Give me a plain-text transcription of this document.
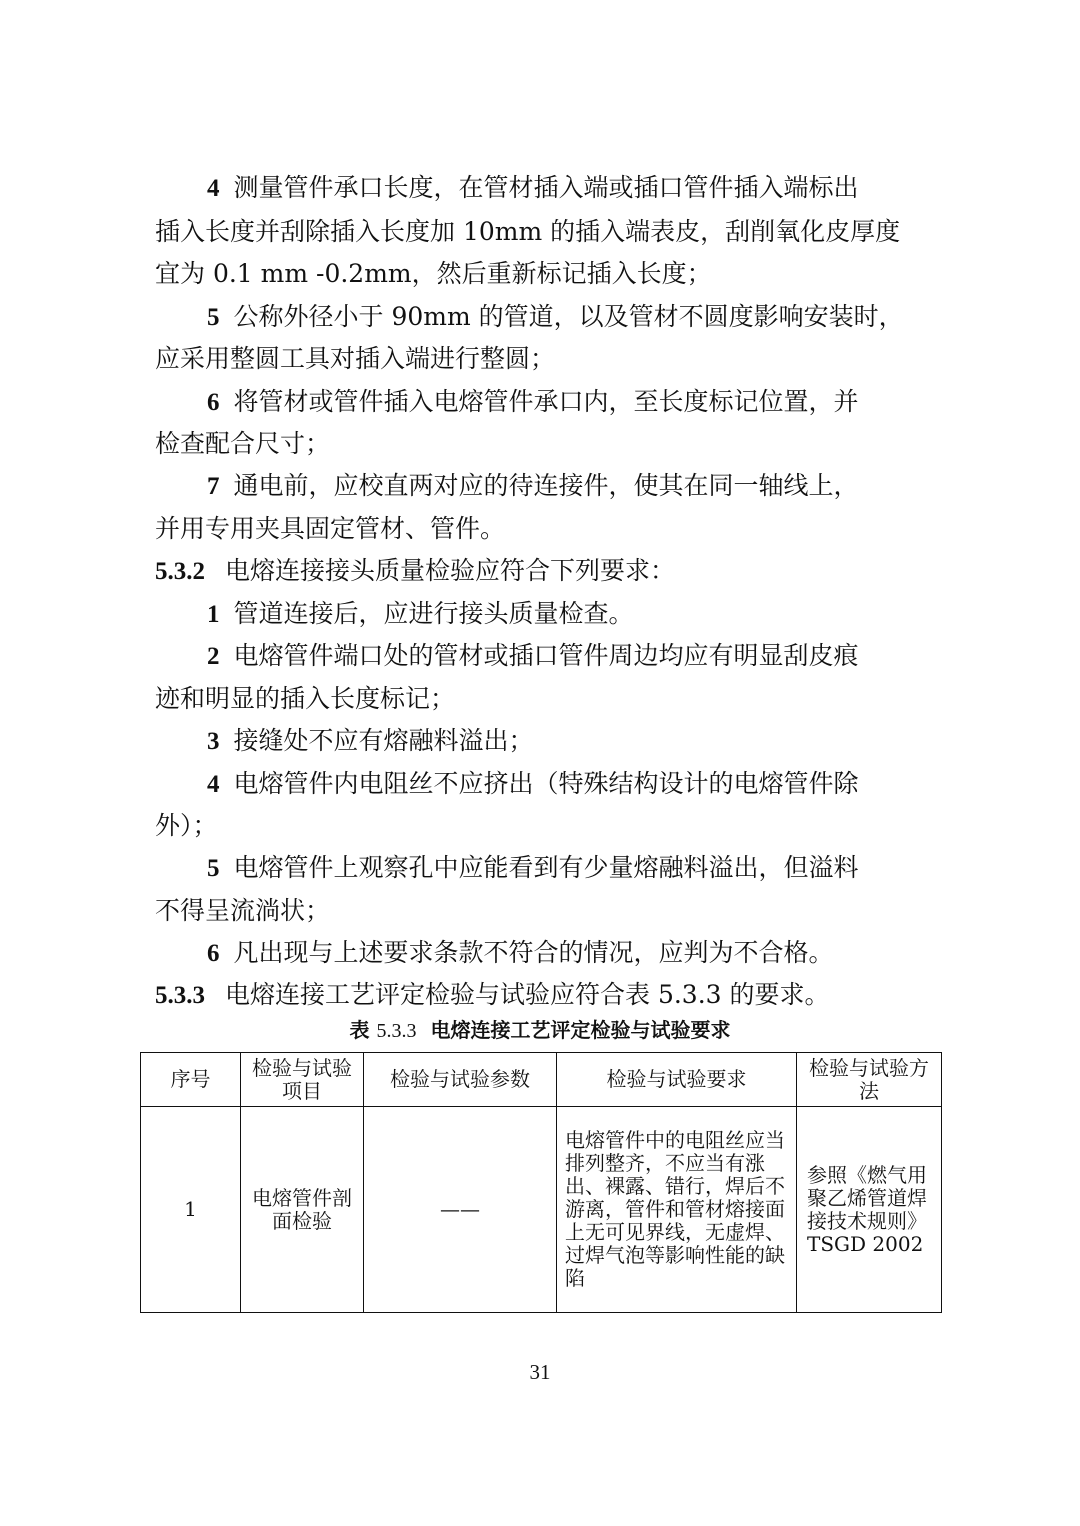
4 测量管件承口长度，在管材插入端或插口管件插入端标出
插入长度并刮除插入长度加 10mm 的插入端表皮，刮削氧化皮厚度
宜为 0.1 mm -0.2mm，然后重新标记插入长度；
5 公称外径小于 90mm 的管道，以及管材不圆度影响安装时，
应采用整圆工具对插入端进行整圆；
6 将管材或管件插入电熔管件承口内，至长度标记位置，并
检查配合尺寸；
7 通电前，应校直两对应的待连接件，使其在同一轴线上，
并用专用夹具固定管材、管件。
5.3.2 电熔连接接头质量检验应符合下列要求：
1 管道连接后，应进行接头质量检查。
2 电熔管件端口处的管材或插口管件周边均应有明显刮皮痕
迹和明显的插入长度标记；
3 接缝处不应有熔融料溢出；
4 电熔管件内电阻丝不应挤出（特殊结构设计的电熔管件除
外）；
5 电熔管件上观察孔中应能看到有少量熔融料溢出，但溢料
不得呈流淌状；
6 凡出现与上述要求条款不符合的情况，应判为不合格。
5.3.3 电熔连接工艺评定检验与试验应符合表 5.3.3 的要求。
表 5.3.3 电熔连接工艺评定检验与试验要求
序号	检验与试验项目	检验与试验参数	检验与试验要求	检验与试验方法
1	电熔管件剖面检验	——	电熔管件中的电阻丝应当排列整齐，不应当有涨出、裸露、错行，焊后不游离，管件和管材熔接面上无可见界线，无虚焊、过焊气泡等影响性能的缺陷	参照《燃气用聚乙烯管道焊接技术规则》TSGD 2002
31
